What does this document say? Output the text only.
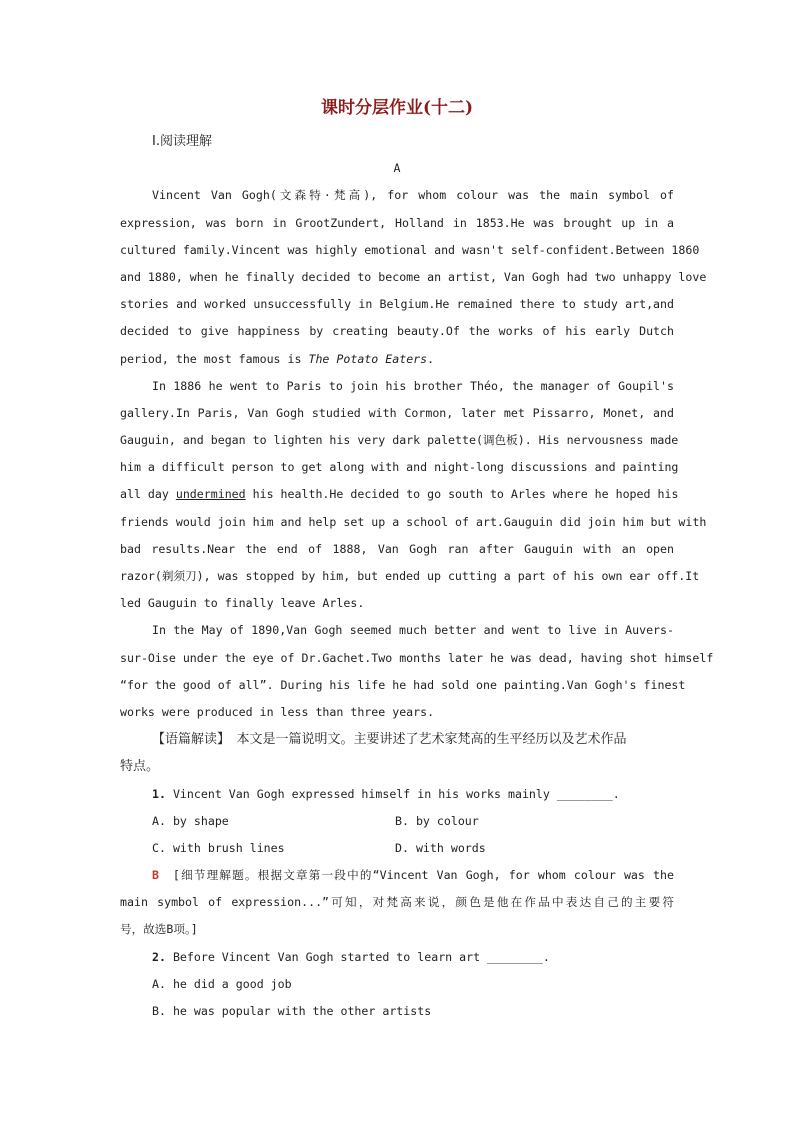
课时分层作业(十二)
Ⅰ.阅读理解
A
Vincent Van Gogh(文森特·梵高), for whom colour was the main symbol of
expression, was born in GrootZundert, Holland in 1853.He was brought up in a
cultured family.Vincent was highly emotional and wasn't self-confident.Between 1860
and 1880, when he finally decided to become an artist, Van Gogh had two unhappy love
stories and worked unsuccessfully in Belgium.He remained there to study art,and
decided to give happiness by creating beauty.Of the works of his early Dutch
period, the most famous is The Potato Eaters.
In 1886 he went to Paris to join his brother Théo, the manager of Goupil's
gallery.In Paris, Van Gogh studied with Cormon, later met Pissarro, Monet, and
Gauguin, and began to lighten his very dark palette(调色板). His nervousness made
him a difficult person to get along with and night-long discussions and painting
all day undermined his health.He decided to go south to Arles where he hoped his
friends would join him and help set up a school of art.Gauguin did join him but with
bad results.Near the end of 1888, Van Gogh ran after Gauguin with an open
razor(剃须刀), was stopped by him, but ended up cutting a part of his own ear off.It
led Gauguin to finally leave Arles.
In the May of 1890,Van Gogh seemed much better and went to live in Auvers-
sur-Oise under the eye of Dr.Gachet.Two months later he was dead, having shot himself
“for the good of all”. During his life he had sold one painting.Van Gogh's finest
works were produced in less than three years.
【语篇解读】　本文是一篇说明文。主要讲述了艺术家梵高的生平经历以及艺术作品
特点。
1. Vincent Van Gogh expressed himself in his works mainly ________.
A. by shape	B. by colour
C. with brush lines	D. with words
B　[细节理解题。根据文章第一段中的“Vincent Van Gogh, for whom colour was the
main symbol of expression...”可知，对梵高来说，颜色是他在作品中表达自己的主要符
号，故选B项。]
2. Before Vincent Van Gogh started to learn art ________.
A. he did a good job
B. he was popular with the other artists
